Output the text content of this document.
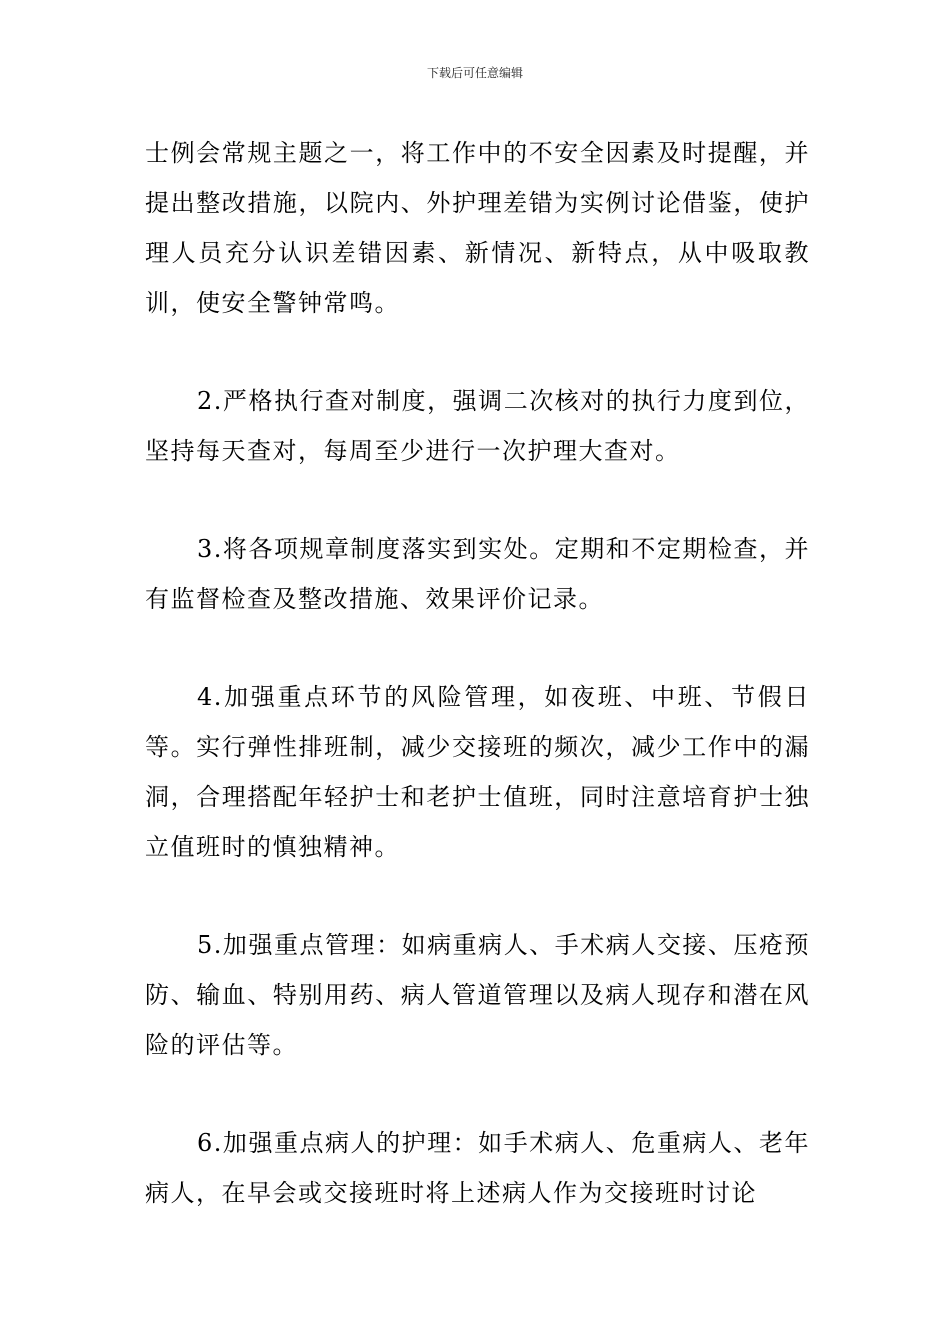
下载后可任意编辑

士例会常规主题之一，将工作中的不安全因素及时提醒，并提出整改措施，以院内、外护理差错为实例讨论借鉴，使护理人员充分认识差错因素、新情况、新特点，从中吸取教训，使安全警钟常鸣。

2.严格执行查对制度，强调二次核对的执行力度到位，坚持每天查对，每周至少进行一次护理大查对。

3.将各项规章制度落实到实处。定期和不定期检查，并有监督检查及整改措施、效果评价记录。

4.加强重点环节的风险管理，如夜班、中班、节假日等。实行弹性排班制，减少交接班的频次，减少工作中的漏洞，合理搭配年轻护士和老护士值班，同时注意培育护士独立值班时的慎独精神。

5.加强重点管理：如病重病人、手术病人交接、压疮预防、输血、特别用药、病人管道管理以及病人现存和潜在风险的评估等。

6.加强重点病人的护理：如手术病人、危重病人、老年病人，在早会或交接班时将上述病人作为交接班时讨论
